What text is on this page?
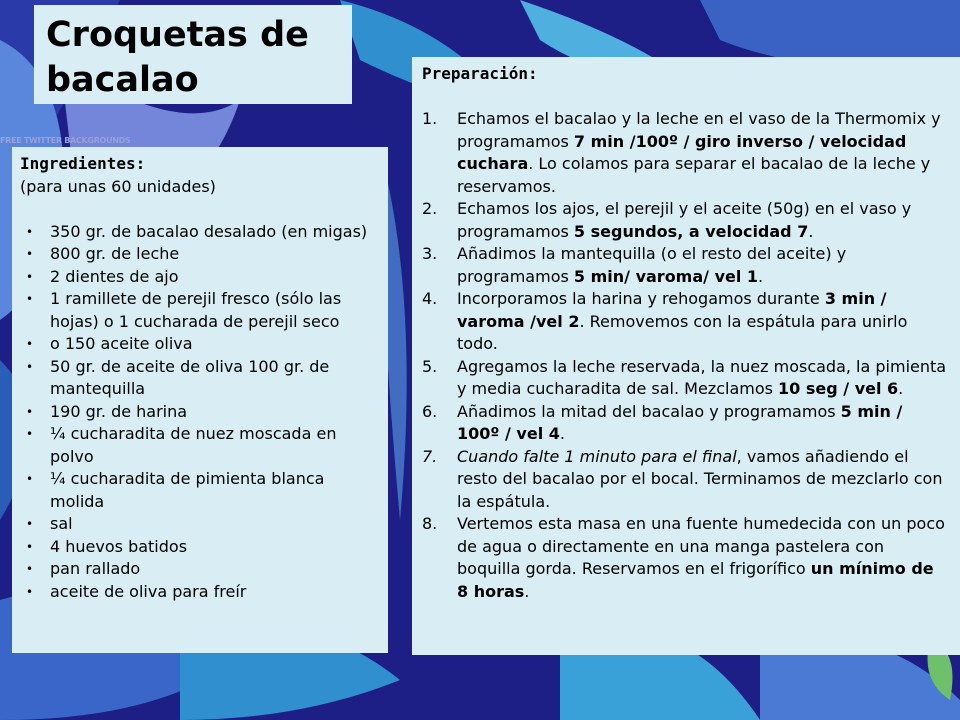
FREE TWITTER BACKGROUNDS
Croquetas de bacalao
Ingredientes:
(para unas 60 unidades)
• 350 gr. de bacalao desalado (en migas)
• 800 gr. de leche
• 2 dientes de ajo
• 1 ramillete de perejil fresco (sólo las hojas) o 1 cucharada de perejil seco
• o 150 aceite oliva
• 50 gr. de aceite de oliva 100 gr. de mantequilla
• 190 gr. de harina
• ¼ cucharadita de nuez moscada en polvo
• ¼ cucharadita de pimienta blanca molida
• sal
• 4 huevos batidos
• pan rallado
• aceite de oliva para freír
Preparación:
1. Echamos el bacalao y la leche en el vaso de la Thermomix y programamos 7 min /100º / giro inverso / velocidad cuchara. Lo colamos para separar el bacalao de la leche y reservamos.
2. Echamos los ajos, el perejil y el aceite (50g) en el vaso y programamos 5 segundos, a velocidad 7.
3. Añadimos la mantequilla (o el resto del aceite) y programamos 5 min/ varoma/ vel 1.
4. Incorporamos la harina y rehogamos durante 3 min / varoma /vel 2. Removemos con la espátula para unirlo todo.
5. Agregamos la leche reservada, la nuez moscada, la pimienta y media cucharadita de sal. Mezclamos 10 seg / vel 6.
6. Añadimos la mitad del bacalao y programamos 5 min / 100º / vel 4.
7. Cuando falte 1 minuto para el final, vamos añadiendo el resto del bacalao por el bocal. Terminamos de mezclarlo con la espátula.
8. Vertemos esta masa en una fuente humedecida con un poco de agua o directamente en una manga pastelera con boquilla gorda. Reservamos en el frigorífico un mínimo de 8 horas.
